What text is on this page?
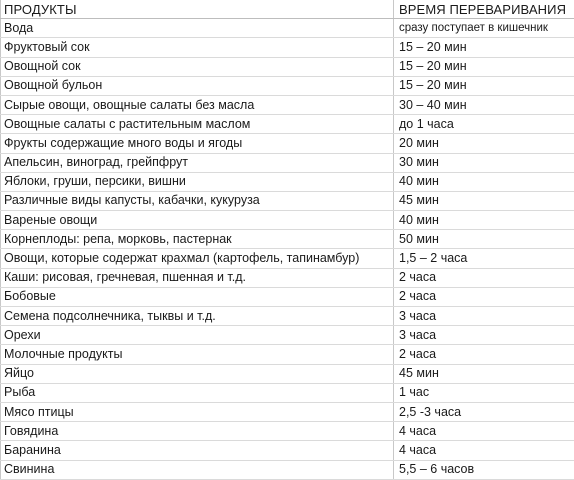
ПРОДУКТЫ	ВРЕМЯ ПЕРЕВАРИВАНИЯ
Вода	сразу поступает в кишечник
Фруктовый сок	15 – 20 мин
Овощной сок	15 – 20 мин
Овощной бульон	15 – 20 мин
Сырые овощи, овощные салаты без масла	30 – 40 мин
Овощные салаты с растительным маслом	до 1 часа
Фрукты содержащие много воды и ягоды	20 мин
Апельсин, виноград, грейпфрут	30 мин
Яблоки, груши, персики, вишни	40 мин
Различные виды капусты, кабачки, кукуруза	45 мин
Вареные овощи	40 мин
Корнеплоды: репа, морковь, пастернак	50 мин
Овощи, которые содержат крахмал (картофель, тапинамбур)	1,5 – 2 часа
Каши: рисовая, гречневая, пшенная и т.д.	2 часа
Бобовые	2 часа
Семена подсолнечника, тыквы и т.д.	3 часа
Орехи	3 часа
Молочные продукты	2 часа
Яйцо	45 мин
Рыба	1 час
Мясо птицы	2,5 -3 часа
Говядина	4 часа
Баранина	4 часа
Свинина	5,5 – 6 часов
